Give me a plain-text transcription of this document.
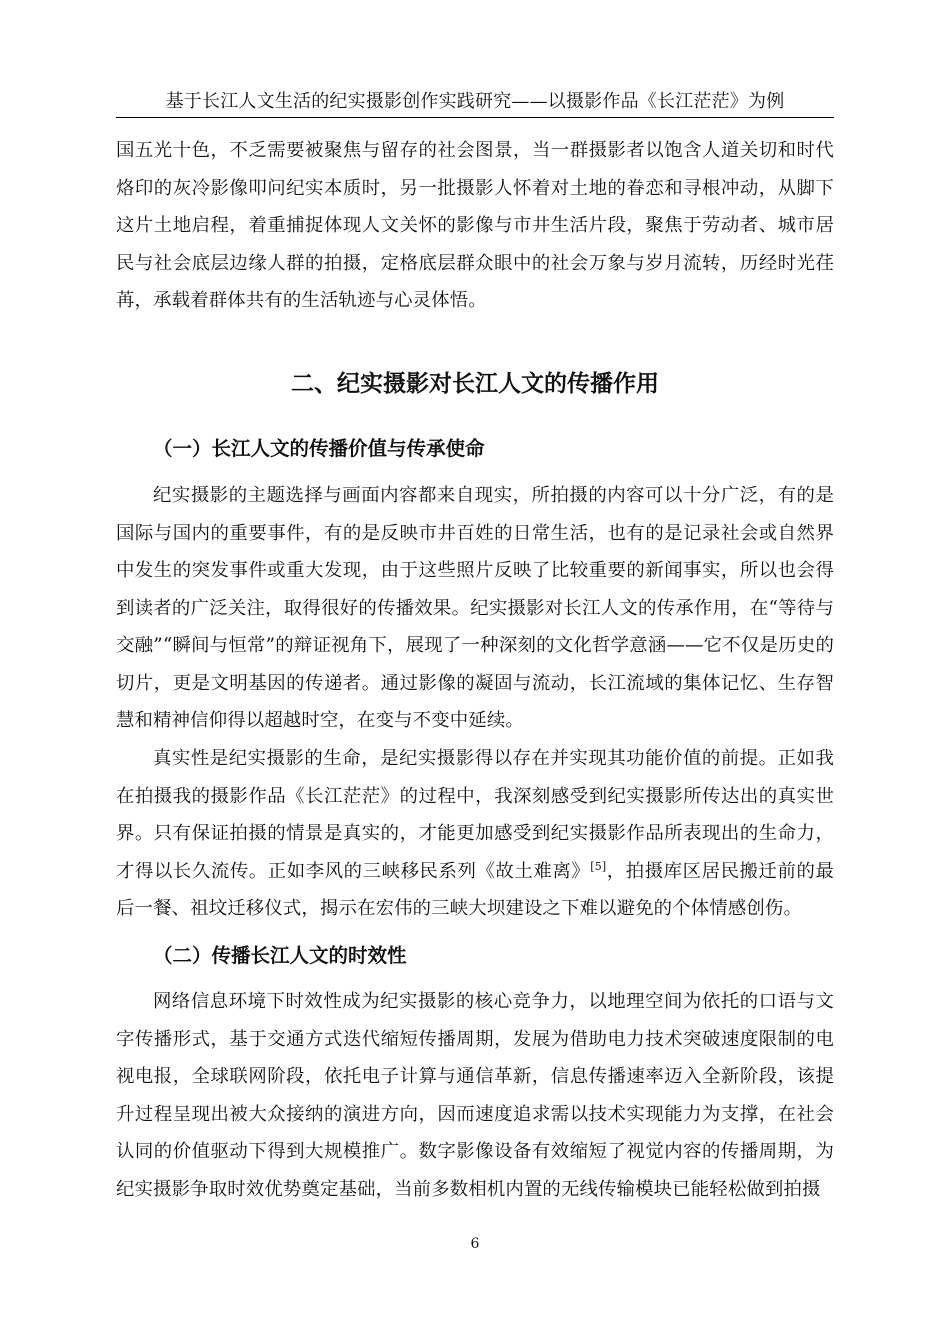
基于长江人文生活的纪实摄影创作实践研究——以摄影作品《长江茫茫》为例
国五光十色，不乏需要被聚焦与留存的社会图景，当一群摄影者以饱含人道关切和时代烙印的灰冷影像叩问纪实本质时，另一批摄影人怀着对土地的眷恋和寻根冲动，从脚下这片土地启程，着重捕捉体现人文关怀的影像与市井生活片段，聚焦于劳动者、城市居民与社会底层边缘人群的拍摄，定格底层群众眼中的社会万象与岁月流转，历经时光荏苒，承载着群体共有的生活轨迹与心灵体悟。
二、纪实摄影对长江人文的传播作用
（一）长江人文的传播价值与传承使命
纪实摄影的主题选择与画面内容都来自现实，所拍摄的内容可以十分广泛，有的是国际与国内的重要事件，有的是反映市井百姓的日常生活，也有的是记录社会或自然界中发生的突发事件或重大发现，由于这些照片反映了比较重要的新闻事实，所以也会得到读者的广泛关注，取得很好的传播效果。纪实摄影对长江人文的传承作用，在“等待与交融”“瞬间与恒常”的辩证视角下，展现了一种深刻的文化哲学意涵——它不仅是历史的切片，更是文明基因的传递者。通过影像的凝固与流动，长江流域的集体记忆、生存智慧和精神信仰得以超越时空，在变与不变中延续。
真实性是纪实摄影的生命，是纪实摄影得以存在并实现其功能价值的前提。正如我在拍摄我的摄影作品《长江茫茫》的过程中，我深刻感受到纪实摄影所传达出的真实世界。只有保证拍摄的情景是真实的，才能更加感受到纪实摄影作品所表现出的生命力，才得以长久流传。正如李风的三峡移民系列《故土难离》[5]，拍摄库区居民搬迁前的最后一餐、祖坟迁移仪式，揭示在宏伟的三峡大坝建设之下难以避免的个体情感创伤。
（二）传播长江人文的时效性
网络信息环境下时效性成为纪实摄影的核心竞争力，以地理空间为依托的口语与文字传播形式，基于交通方式迭代缩短传播周期，发展为借助电力技术突破速度限制的电视电报，全球联网阶段，依托电子计算与通信革新，信息传播速率迈入全新阶段，该提升过程呈现出被大众接纳的演进方向，因而速度追求需以技术实现能力为支撑，在社会认同的价值驱动下得到大规模推广。数字影像设备有效缩短了视觉内容的传播周期，为纪实摄影争取时效优势奠定基础，当前多数相机内置的无线传输模块已能轻松做到拍摄
6
